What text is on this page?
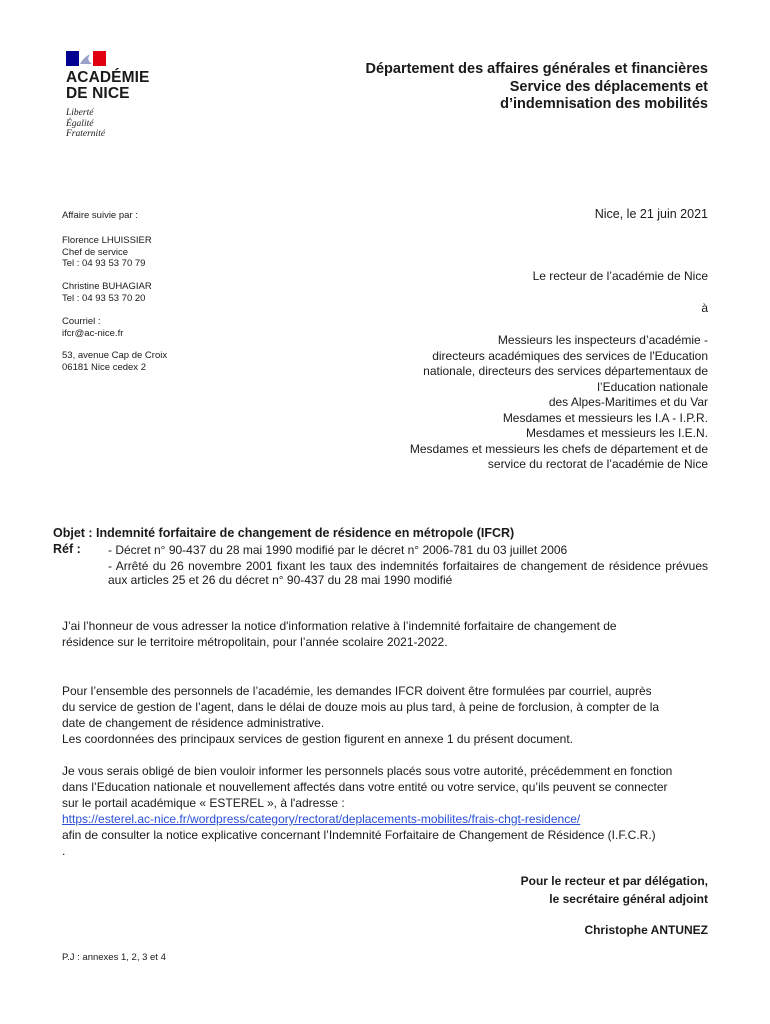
ACADÉMIE
DE NICE
Liberté
Égalité
Fraternité
Département des affaires générales et financières
Service des déplacements et
d’indemnisation des mobilités
Affaire suivie par :
Florence LHUISSIER
Chef de service
Tel : 04 93 53 70 79
Christine BUHAGIAR
Tel : 04 93 53 70 20
Courriel :
ifcr@ac-nice.fr
53, avenue Cap de Croix
06181 Nice cedex 2
Nice, le 21 juin 2021
Le recteur de l’académie de Nice
à
Messieurs les inspecteurs d’académie -
directeurs académiques des services de l'Education
nationale, directeurs des services départementaux de
l’Education nationale
des Alpes-Maritimes et du Var
Mesdames et messieurs les I.A - I.P.R.
Mesdames et messieurs les I.E.N.
Mesdames et messieurs les chefs de département et de
service du rectorat de l’académie de Nice
Objet : Indemnité forfaitaire de changement de résidence en métropole (IFCR)
Réf : - Décret n° 90-437 du 28 mai 1990 modifié par le décret n° 2006-781 du 03 juillet 2006
- Arrêté du 26 novembre 2001 fixant les taux des indemnités forfaitaires de changement de résidence prévues aux articles 25 et 26 du décret n° 90-437 du 28 mai 1990 modifié
J’ai l’honneur de vous adresser la notice d'information relative à l’indemnité forfaitaire de changement de
résidence sur le territoire métropolitain, pour l’année scolaire 2021-2022.
Pour l’ensemble des personnels de l’académie, les demandes IFCR doivent être formulées par courriel, auprès
du service de gestion de l’agent, dans le délai de douze mois au plus tard, à peine de forclusion, à compter de la
date de changement de résidence administrative.
Les coordonnées des principaux services de gestion figurent en annexe 1 du présent document.
Je vous serais obligé de bien vouloir informer les personnels placés sous votre autorité, précédemment en fonction
dans l’Education nationale et nouvellement affectés dans votre entité ou votre service, qu’ils peuvent se connecter
sur le portail académique « ESTEREL », à l'adresse :
https://esterel.ac-nice.fr/wordpress/category/rectorat/deplacements-mobilites/frais-chgt-residence/
afin de consulter la notice explicative concernant l’Indemnité Forfaitaire de Changement de Résidence (I.F.C.R.)
.
Pour le recteur et par délégation,
le secrétaire général adjoint
Christophe ANTUNEZ
P.J : annexes 1, 2, 3 et 4
